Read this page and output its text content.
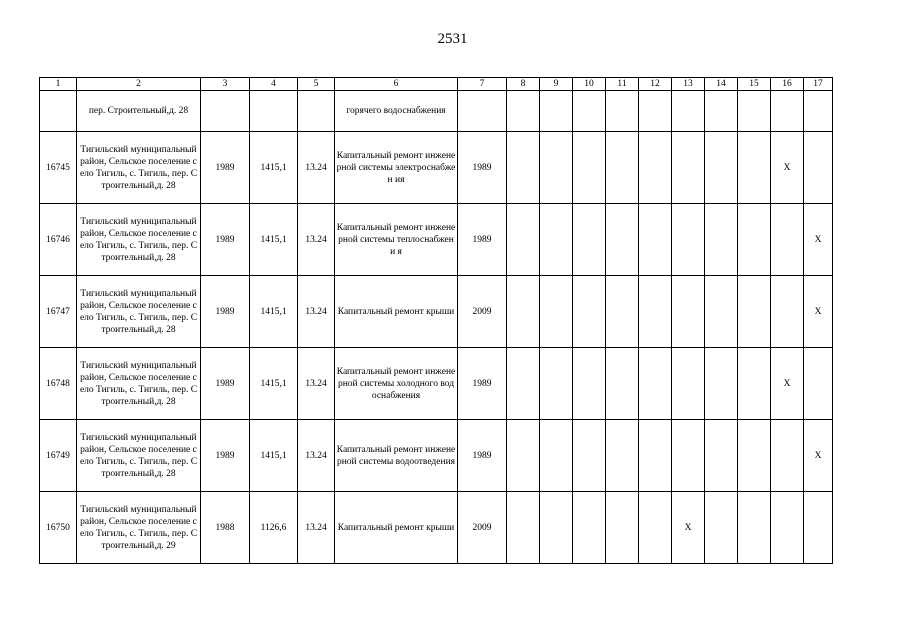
2531
1	2	3	4	5	6	7	8	9	10	11	12	13	14	15	16	17
	пер. Строительный,д. 28				горячего водоснабжения											
16745	Тигильский муниципальный район, Сельское поселение село Тигиль, с. Тигиль, пер. Строительный,д. 28	1989	1415,1	13.24	Капитальный ремонт инженерной системы электроснабжен ия	1989									X	
16746	Тигильский муниципальный район, Сельское поселение село Тигиль, с. Тигиль, пер. Строительный,д. 28	1989	1415,1	13.24	Капитальный ремонт инженерной системы теплоснабжени я	1989										X
16747	Тигильский муниципальный район, Сельское поселение село Тигиль, с. Тигиль, пер. Строительный,д. 28	1989	1415,1	13.24	Капитальный ремонт крыши	2009										X
16748	Тигильский муниципальный район, Сельское поселение село Тигиль, с. Тигиль, пер. Строительный,д. 28	1989	1415,1	13.24	Капитальный ремонт инженерной системы холодного водоснабжения	1989									X	
16749	Тигильский муниципальный район, Сельское поселение село Тигиль, с. Тигиль, пер. Строительный,д. 28	1989	1415,1	13.24	Капитальный ремонт инженерной системы водоотведения	1989										X
16750	Тигильский муниципальный район, Сельское поселение село Тигиль, с. Тигиль, пер. Строительный,д. 29	1988	1126,6	13.24	Капитальный ремонт крыши	2009						X				
